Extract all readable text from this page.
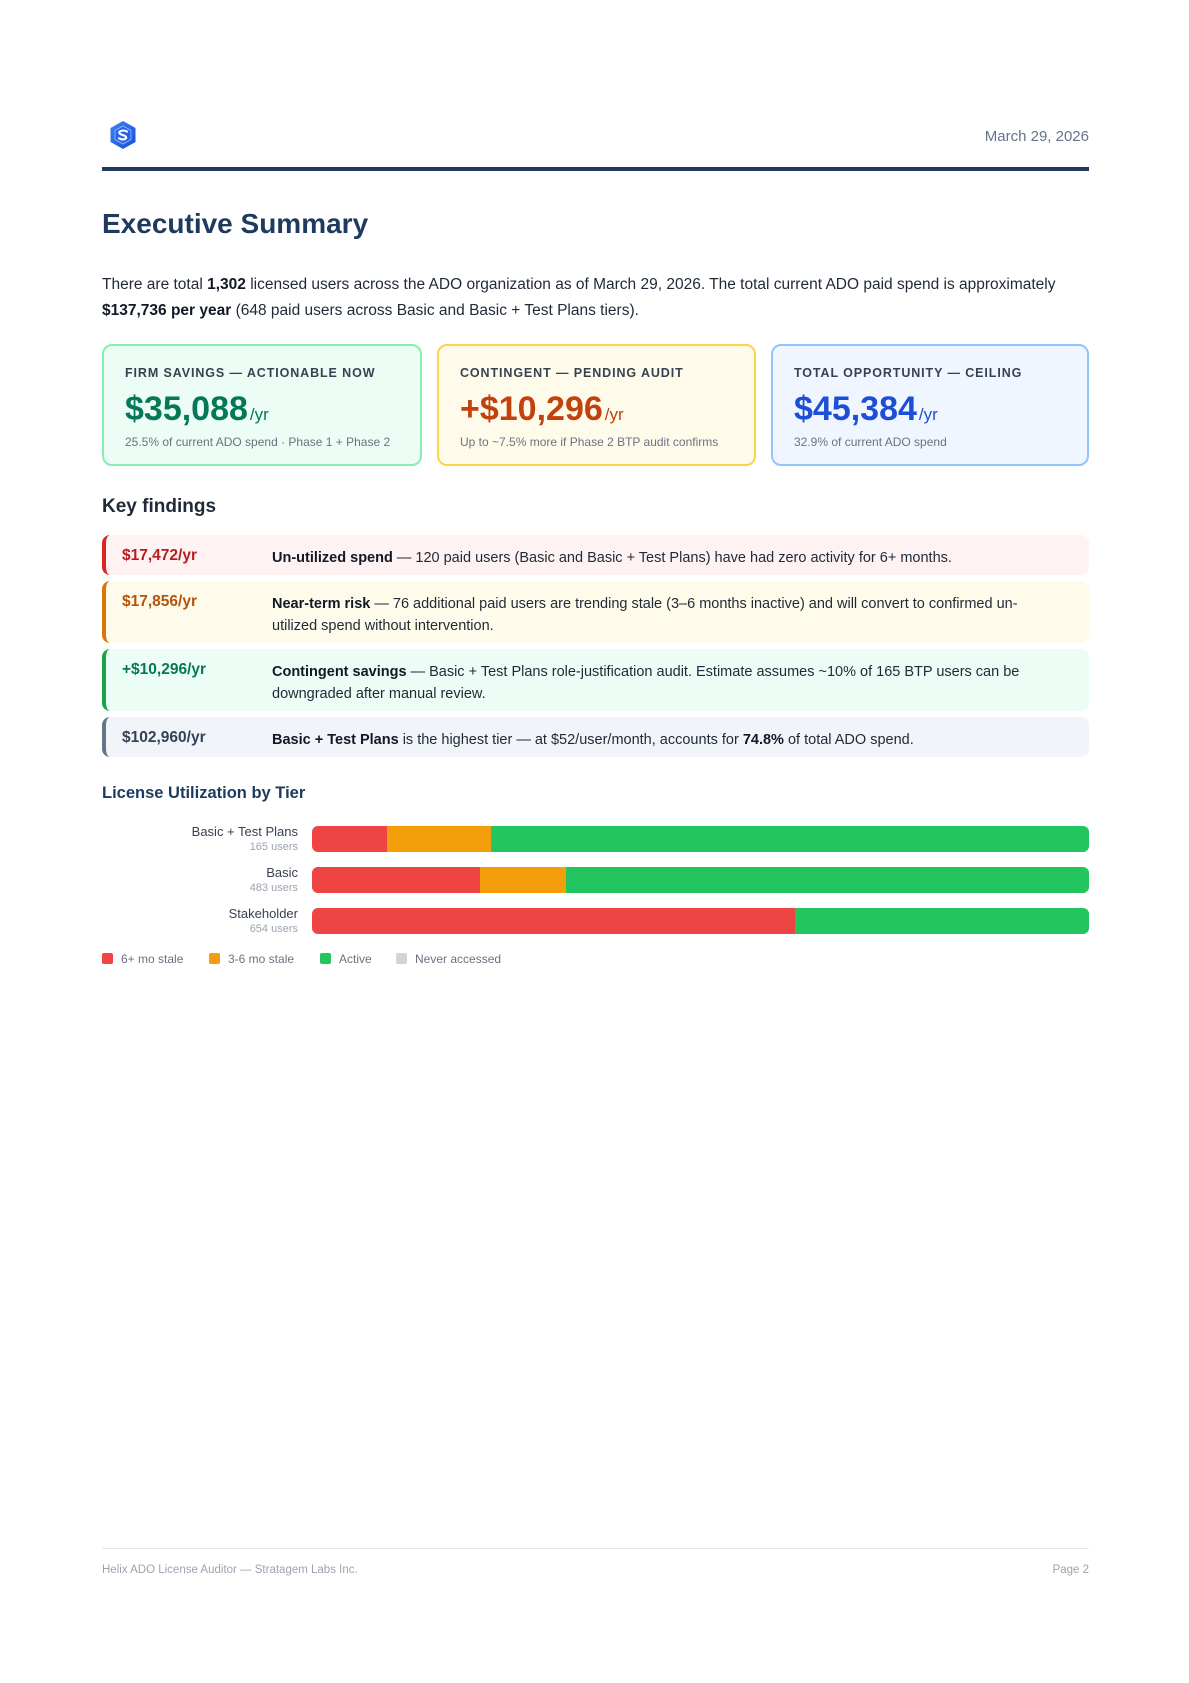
March 29, 2026
Executive Summary

There are total 1,302 licensed users across the ADO organization as of March 29, 2026. The total current ADO paid spend is approximately $137,736 per year (648 paid users across Basic and Basic + Test Plans tiers).

FIRM SAVINGS — ACTIONABLE NOW
$35,088 /yr
25.5% of current ADO spend · Phase 1 + Phase 2
CONTINGENT — PENDING AUDIT
+$10,296 /yr
Up to ~7.5% more if Phase 2 BTP audit confirms
TOTAL OPPORTUNITY — CEILING
$45,384 /yr
32.9% of current ADO spend
Key findings
$17,472/yr	Un-utilized spend — 120 paid users (Basic and Basic + Test Plans) have had zero activity for 6+ months.
$17,856/yr	Near-term risk — 76 additional paid users are trending stale (3–6 months inactive) and will convert to confirmed un-utilized spend without intervention.
+$10,296/yr	Contingent savings — Basic + Test Plans role-justification audit. Estimate assumes ~10% of 165 BTP users can be downgraded after manual review.
$102,960/yr	Basic + Test Plans is the highest tier — at $52/user/month, accounts for 74.8% of total ADO spend.
License Utilization by Tier
Basic + Test Plans
165 users
Basic
483 users
Stakeholder
654 users
6+ mo stale	3-6 mo stale	Active	Never accessed
Helix ADO License Auditor — Stratagem Labs Inc.	Page 2
